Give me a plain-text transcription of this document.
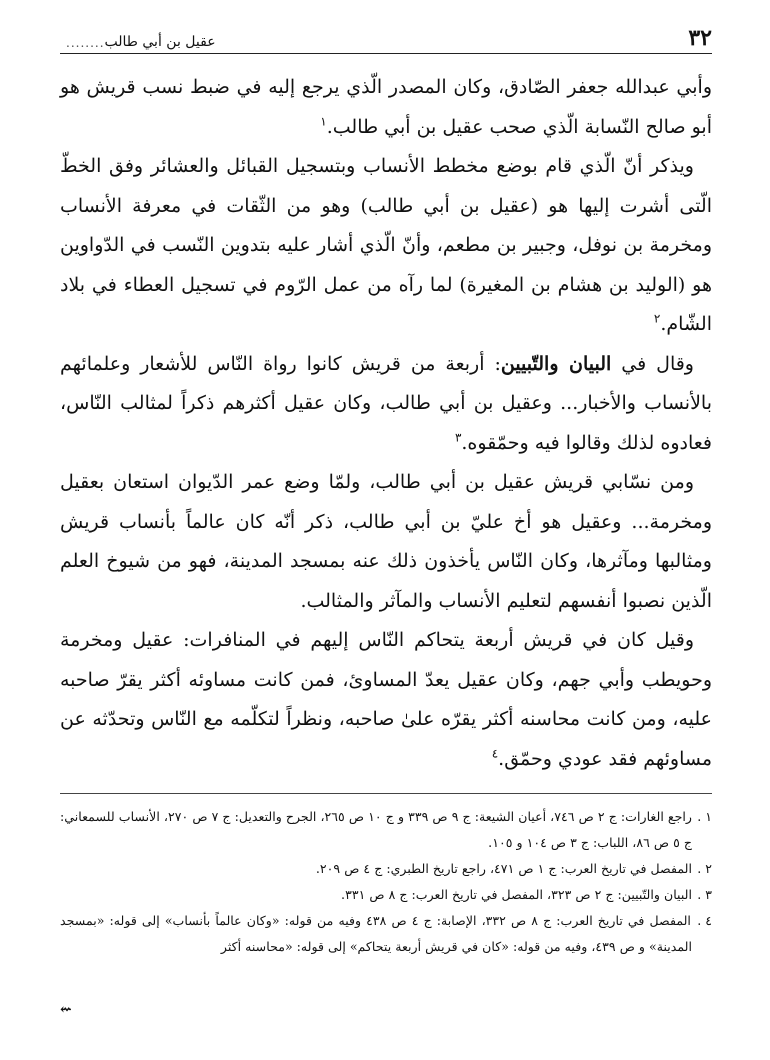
٣٢
عقيل بن أبي طالب
........

وأبي عبدالله جعفر الصّادق، وكان المصدر الّذي يرجع إليه في ضبط نسب قريش هو أبو صالح النّسابة الّذي صحب عقيل بن أبي طالب.$^١$

ويذكر أنّ الّذي قام بوضع مخطط الأنساب وبتسجيل القبائل والعشائر وفق الخطّ الّتى أشرت إليها هو (عقيل بن أبي طالب) وهو من الثّقات في معرفة الأنساب ومخرمة بن نوفل، وجبير بن مطعم، وأنّ الّذي أشار عليه بتدوين النّسب في الدّواوين هو (الوليد بن هشام بن المغيرة) لما رآه من عمل الرّوم في تسجيل العطاء في بلاد الشّام.$^٢$

وقال في البيان والتّبيين: أربعة من قريش كانوا رواة النّاس للأشعار وعلمائهم بالأنساب والأخبار... وعقيل بن أبي طالب، وكان عقيل أكثرهم ذكراً لمثالب النّاس، فعادوه لذلك وقالوا فيه وحمّقوه.$^٣$

ومن نسّابي قريش عقيل بن أبي طالب، ولمّا وضع عمر الدّيوان استعان بعقيل ومخرمة... وعقيل هو أخ عليّ بن أبي طالب، ذكر أنّه كان عالماً بأنساب قريش ومثالبها ومآثرها، وكان النّاس يأخذون ذلك عنه بمسجد المدينة، فهو من شيوخ العلم الّذين نصبوا أنفسهم لتعليم الأنساب والمآثر والمثالب.

وقيل كان في قريش أربعة يتحاكم النّاس إليهم في المنافرات: عقيل ومخرمة وحويطب وأبي جهم، وكان عقيل يعدّ المساوئ، فمن كانت مساوئه أكثر يقرّ صاحبه عليه، ومن كانت محاسنه أكثر يقرّه علىٰ صاحبه، ونظراً لتكلّمه مع النّاس وتحدّثه عن مساوئهم فقد عودي وحمّق.$^٤$

١ . راجع الغارات: ج ٢ ص ٧٤٦، أعيان الشيعة: ج ٩ ص ٣٣٩ و ج ١٠ ص ٢٦٥، الجرح والتعديل: ج ٧ ص ٢٧٠، الأنساب للسمعاني: ج ٥ ص ٨٦، اللباب: ج ٣ ص ١٠٤ و ١٠٥.

٢ . المفصل في تاريخ العرب: ج ١ ص ٤٧١، راجع تاريخ الطبري: ج ٤ ص ٢٠٩.

٣ . البيان والتّبيين: ج ٢ ص ٣٢٣، المفصل في تاريخ العرب: ج ٨ ص ٣٣١.

٤ . المفصل في تاريخ العرب: ج ٨ ص ٣٣٢، الإصابة: ج ٤ ص ٤٣٨ وفيه من قوله: «وكان عالماً بأنساب» إلى قوله: «بمسجد المدينة» و ص ٤٣٩، وفيه من قوله: «كان في قريش أربعة يتحاكم» إلى قوله: «محاسنه أكثر

⇜
